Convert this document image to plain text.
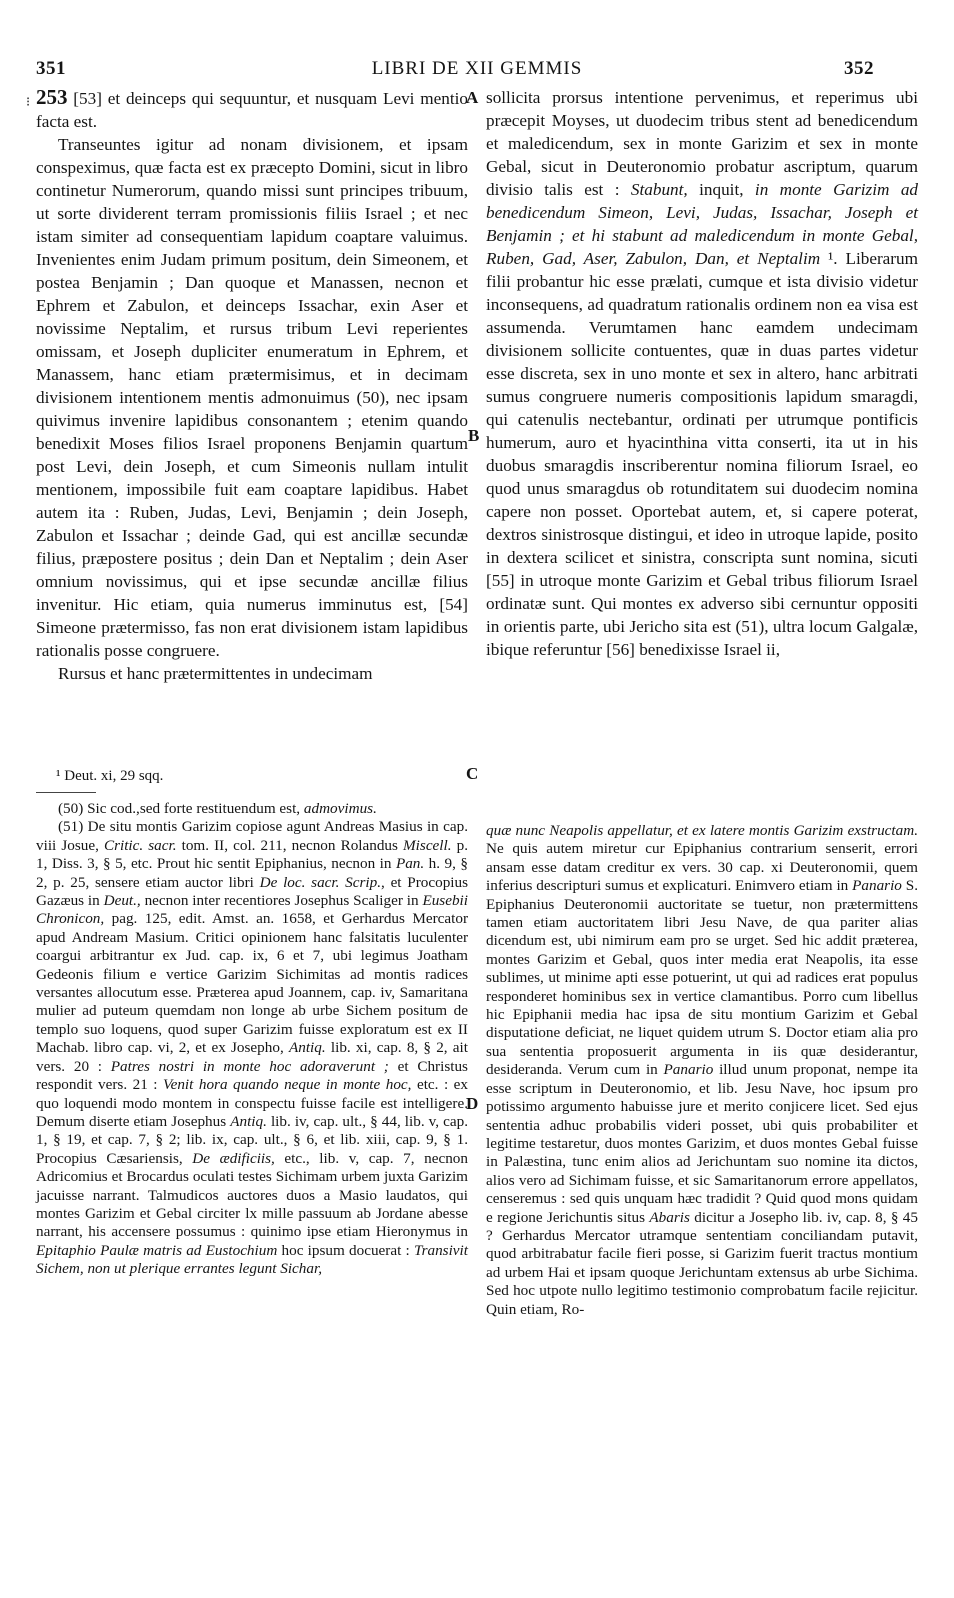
⁝
351	LIBRI DE XII GEMMIS	352
A
B
C
D

253 [53] et deinceps qui sequuntur, et nusquam Levi mentio facta est.

Transeuntes igitur ad nonam divisionem, et ipsam conspeximus, quæ facta est ex præcepto Domini, sicut in libro continetur Numerorum, quando missi sunt principes tribuum, ut sorte dividerent terram promissionis filiis Israel ; et nec istam simiter ad consequentiam lapidum coaptare valuimus. Invenientes enim Judam primum positum, dein Simeonem, et postea Benjamin ; Dan quoque et Manassen, necnon et Ephrem et Zabulon, et deinceps Issachar, exin Aser et novissime Neptalim, et rursus tribum Levi reperientes omissam, et Joseph dupliciter enumeratum in Ephrem, et Manassem, hanc etiam prætermisimus, et in decimam divisionem intentionem mentis admonuimus (50), nec ipsam quivimus invenire lapidibus consonantem ; etenim quando benedixit Moses filios Israel proponens Benjamin quartum post Levi, dein Joseph, et cum Simeonis nullam intulit mentionem, impossibile fuit eam coaptare lapidibus. Habet autem ita : Ruben, Judas, Levi, Benjamin ; dein Joseph, Zabulon et Issachar ; deinde Gad, qui est ancillæ secundæ filius, præpostere positus ; dein Dan et Neptalim ; dein Aser omnium novissimus, qui et ipse secundæ ancillæ filius invenitur. Hic etiam, quia numerus imminutus est, [54] Simeone prætermisso, fas non erat divisionem istam lapidibus rationalis posse congruere.

Rursus et hanc prætermittentes in undecimam

sollicita prorsus intentione pervenimus, et reperimus ubi præcepit Moyses, ut duodecim tribus stent ad benedicendum et maledicendum, sex in monte Garizim et sex in monte Gebal, sicut in Deuteronomio probatur ascriptum, quarum divisio talis est : Stabunt, inquit, in monte Garizim ad benedicendum Simeon, Levi, Judas, Issachar, Joseph et Benjamin ; et hi stabunt ad maledicendum in monte Gebal, Ruben, Gad, Aser, Zabulon, Dan, et Neptalim ¹. Liberarum filii probantur hic esse prælati, cumque et ista divisio videtur inconsequens, ad quadratum rationalis ordinem non ea visa est assumenda. Verumtamen hanc eamdem undecimam divisionem sollicite contuentes, quæ in duas partes videtur esse discreta, sex in uno monte et sex in altero, hanc arbitrati sumus congruere numeris compositionis lapidum smaragdi, qui catenulis nectebantur, ordinati per utrumque pontificis humerum, auro et hyacinthina vitta conserti, ita ut in his duobus smaragdis inscriberentur nomina filiorum Israel, eo quod unus smaragdus ob rotunditatem sui duodecim nomina capere non posset. Oportebat autem, et, si capere poterat, dextros sinistrosque distingui, et ideo in utroque lapide, posito in dextera scilicet et sinistra, conscripta sunt nomina, sicuti [55] in utroque monte Garizim et Gebal tribus filiorum Israel ordinatæ sunt. Qui montes ex adverso sibi cernuntur oppositi in orientis parte, ubi Jericho sita est (51), ultra locum Galgalæ, ibique referuntur [56] benedixisse Israel ii,

¹ Deut. xi, 29 sqq.

(50) Sic cod.,sed forte restituendum est, admovimus.

(51) De situ montis Garizim copiose agunt Andreas Masius in cap. viii Josue, Critic. sacr. tom. II, col. 211, necnon Rolandus Miscell. p. 1, Diss. 3, § 5, etc. Prout hic sentit Epiphanius, necnon in Pan. h. 9, § 2, p. 25, sensere etiam auctor libri De loc. sacr. Scrip., et Procopius Gazæus in Deut., necnon inter recentiores Josephus Scaliger in Eusebii Chronicon, pag. 125, edit. Amst. an. 1658, et Gerhardus Mercator apud Andream Masium. Critici opinionem hanc falsitatis luculenter coargui arbitrantur ex Jud. cap. ix, 6 et 7, ubi legimus Joatham Gedeonis filium e vertice Garizim Sichimitas ad montis radices versantes allocutum esse. Præterea apud Joannem, cap. iv, Samaritana mulier ad puteum quemdam non longe ab urbe Sichem positum de templo suo loquens, quod super Garizim fuisse exploratum est ex II Machab. libro cap. vi, 2, et ex Josepho, Antiq. lib. xi, cap. 8, § 2, ait vers. 20 : Patres nostri in monte hoc adoraverunt ; et Christus respondit vers. 21 : Venit hora quando neque in monte hoc, etc. : ex quo loquendi modo montem in conspectu fuisse facile est intelligere. Demum diserte etiam Josephus Antiq. lib. iv, cap. ult., § 44, lib. v, cap. 1, § 19, et cap. 7, § 2; lib. ix, cap. ult., § 6, et lib. xiii, cap. 9, § 1. Procopius Cæsariensis, De ædificiis, etc., lib. v, cap. 7, necnon Adricomius et Brocardus oculati testes Sichimam urbem juxta Garizim jacuisse narrant. Talmudicos auctores duos a Masio laudatos, qui montes Garizim et Gebal circiter lx mille passuum ab Jordane abesse narrant, his accensere possumus : quinimo ipse etiam Hieronymus in Epitaphio Paulæ matris ad Eustochium hoc ipsum docuerat : Transivit Sichem, non ut plerique errantes legunt Sichar,

quæ nunc Neapolis appellatur, et ex latere montis Garizim exstructam. Ne quis autem miretur cur Epiphanius contrarium senserit, errori ansam esse datam creditur ex vers. 30 cap. xi Deuteronomii, quem inferius descripturi sumus et explicaturi. Enimvero etiam in Panario S. Epiphanius Deuteronomii auctoritate se tuetur, non prætermittens tamen etiam auctoritatem libri Jesu Nave, de qua pariter alias dicendum est, ubi nimirum eam pro se urget. Sed hic addit præterea, montes Garizim et Gebal, quos inter media erat Neapolis, ita esse sublimes, ut minime apti esse potuerint, ut qui ad radices erat populus responderet hominibus sex in vertice clamantibus. Porro cum libellus hic Epiphanii media hac ipsa de situ montium Garizim et Gebal disputatione deficiat, ne liquet quidem utrum S. Doctor etiam alia pro sua sententia proposuerit argumenta in iis quæ desiderantur, desideranda. Verum cum in Panario illud unum proponat, nempe ita esse scriptum in Deuteronomio, et lib. Jesu Nave, hoc ipsum pro potissimo argumento habuisse jure et merito conjicere licet. Sed ejus sententia adhuc probabilis videri posset, ubi quis probabiliter et legitime testaretur, duos montes Garizim, et duos montes Gebal fuisse in Palæstina, tunc enim alios ad Jerichuntam suo nomine ita dictos, alios vero ad Sichimam fuisse, et sic Samaritanorum errore appellatos, censeremus : sed quis unquam hæc tradidit ? Quid quod mons quidam e regione Jerichuntis situs Abaris dicitur a Josepho lib. iv, cap. 8, § 45 ? Gerhardus Mercator utramque sententiam conciliandam putavit, quod arbitrabatur facile fieri posse, si Garizim fuerit tractus montium ad urbem Hai et ipsam quoque Jerichuntam extensus ab urbe Sichima. Sed hoc utpote nullo legitimo testimonio comprobatum facile rejicitur. Quin etiam, Ro-
